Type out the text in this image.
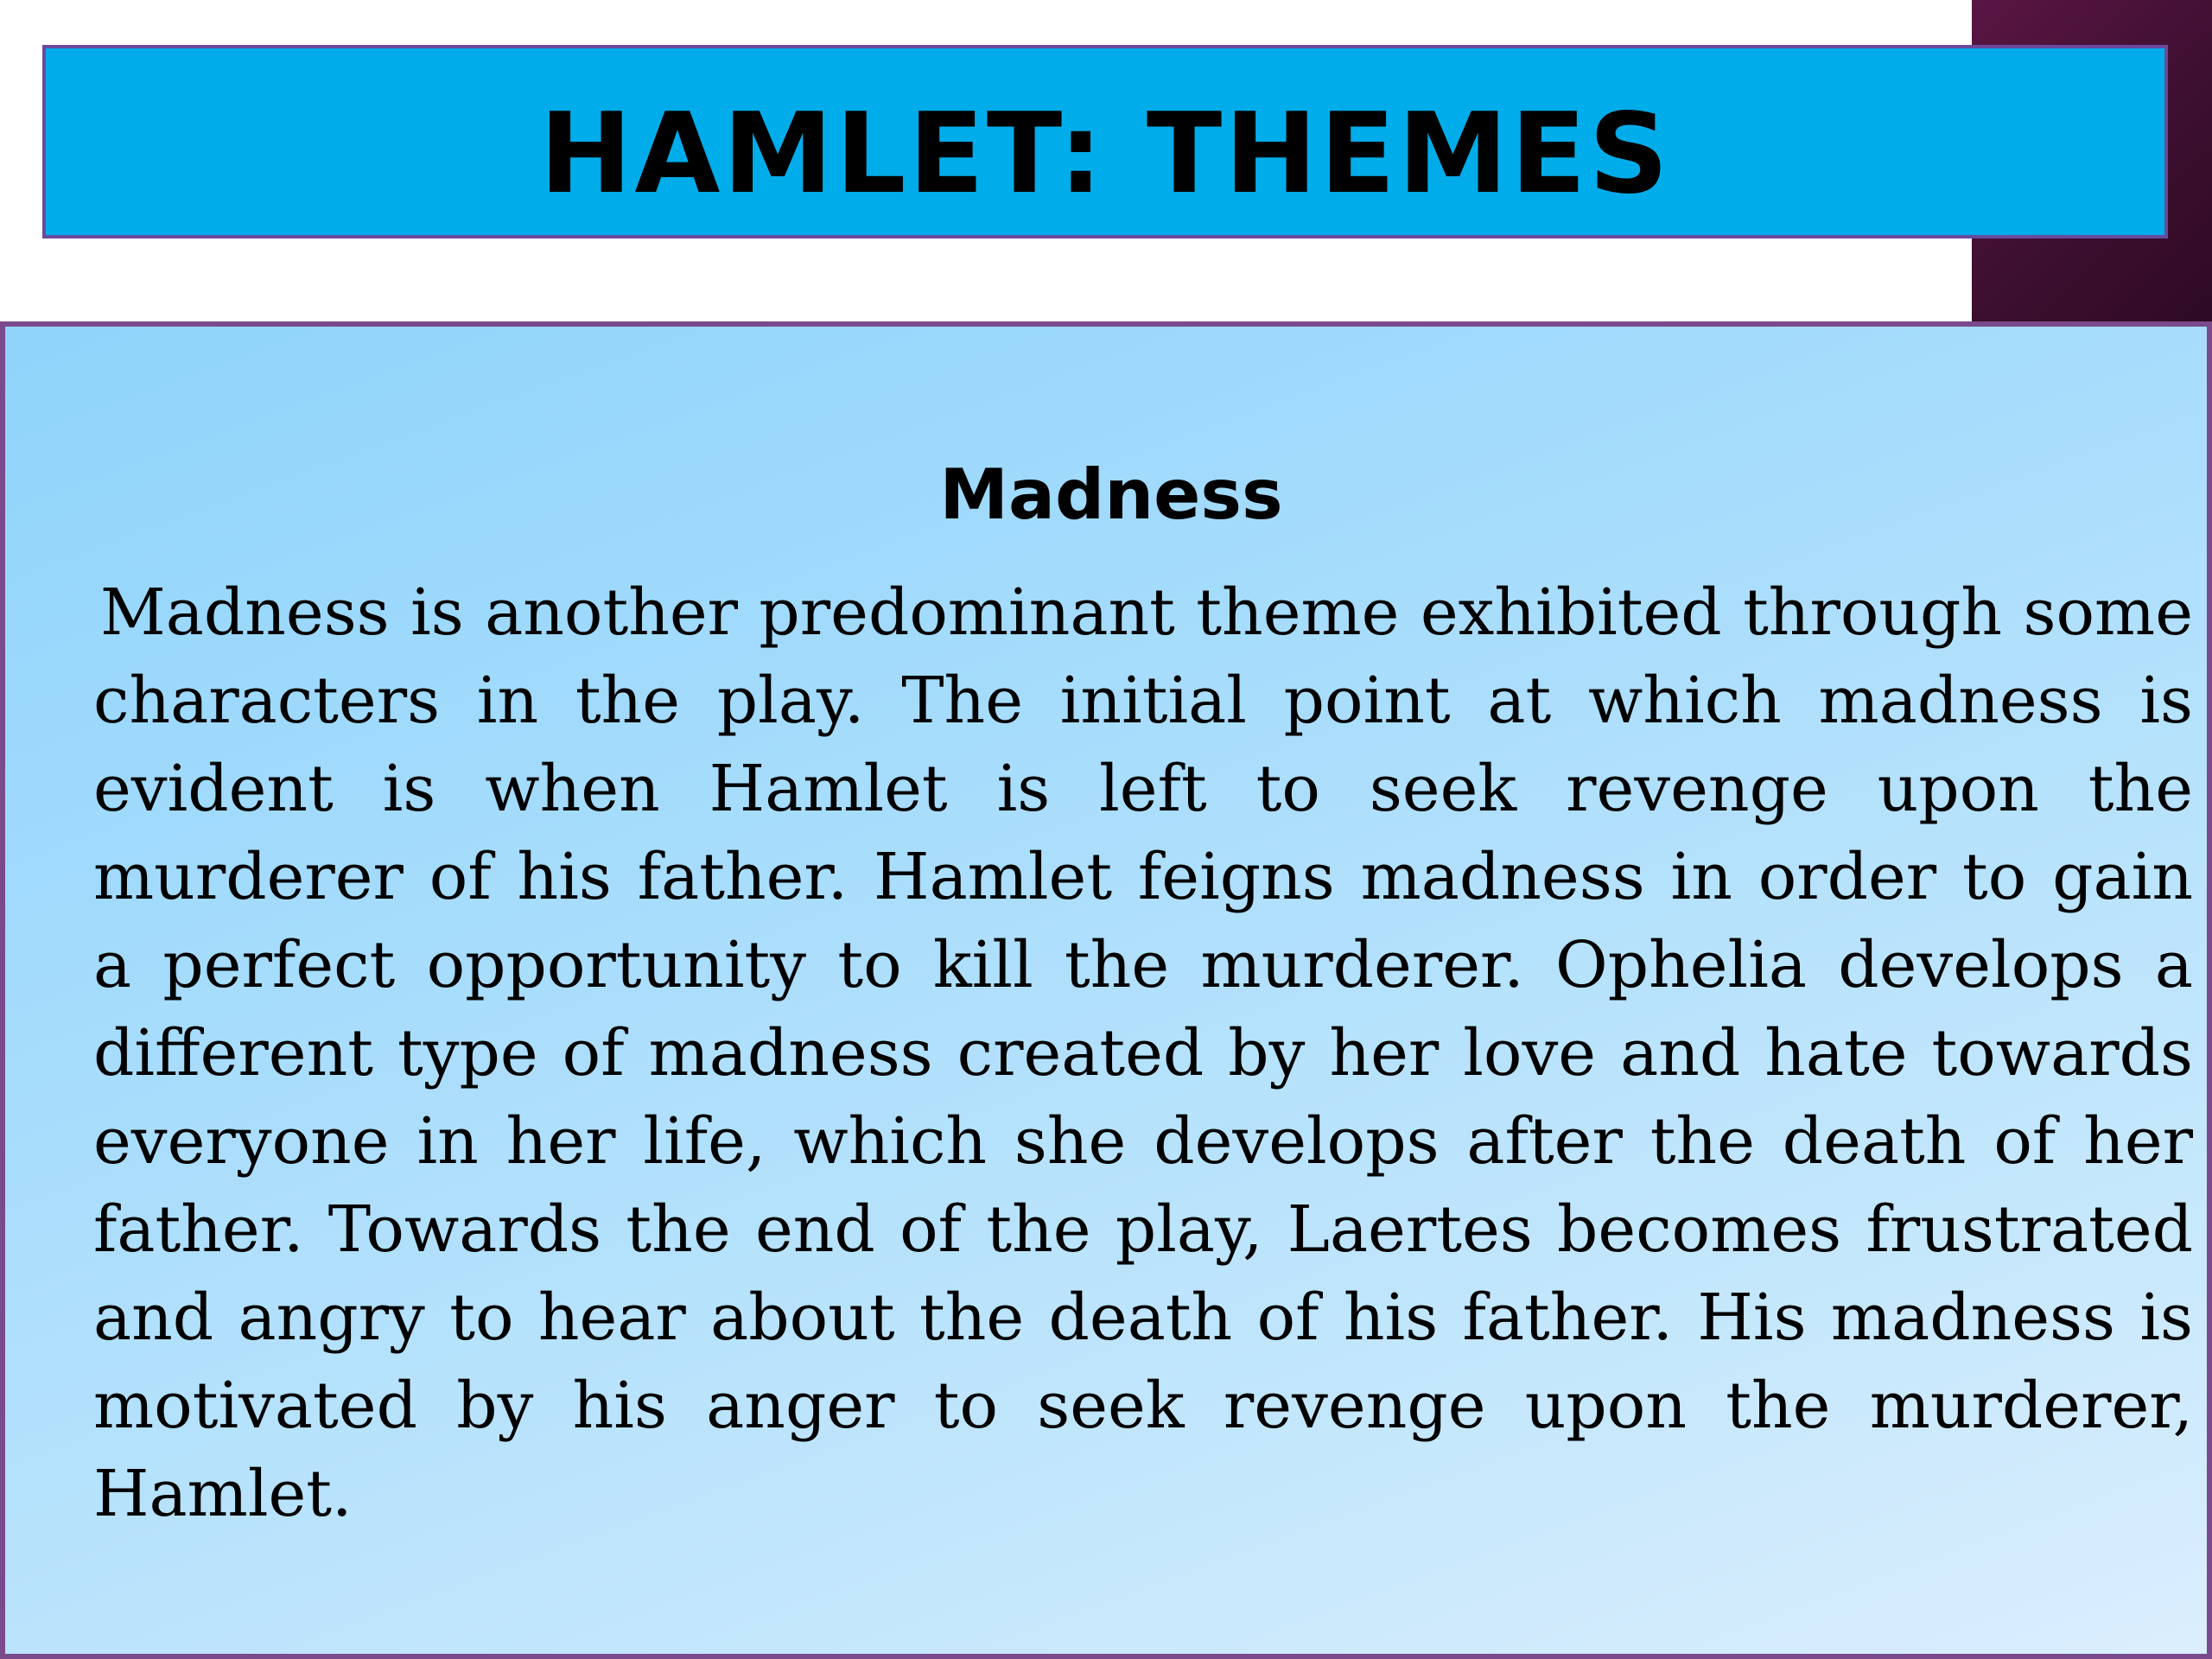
HAMLET: THEMES
Madness

Madness is another predominant theme exhibited through some characters in the play. The initial point at which madness is evident is when Hamlet is left to seek revenge upon the murderer of his father. Hamlet feigns madness in order to gain a perfect opportunity to kill the murderer. Ophelia develops a different type of madness created by her love and hate towards everyone in her life, which she develops after the death of her father. Towards the end of the play, Laertes becomes frustrated and angry to hear about the death of his father. His madness is motivated by his anger to seek revenge upon the murderer, Hamlet.
